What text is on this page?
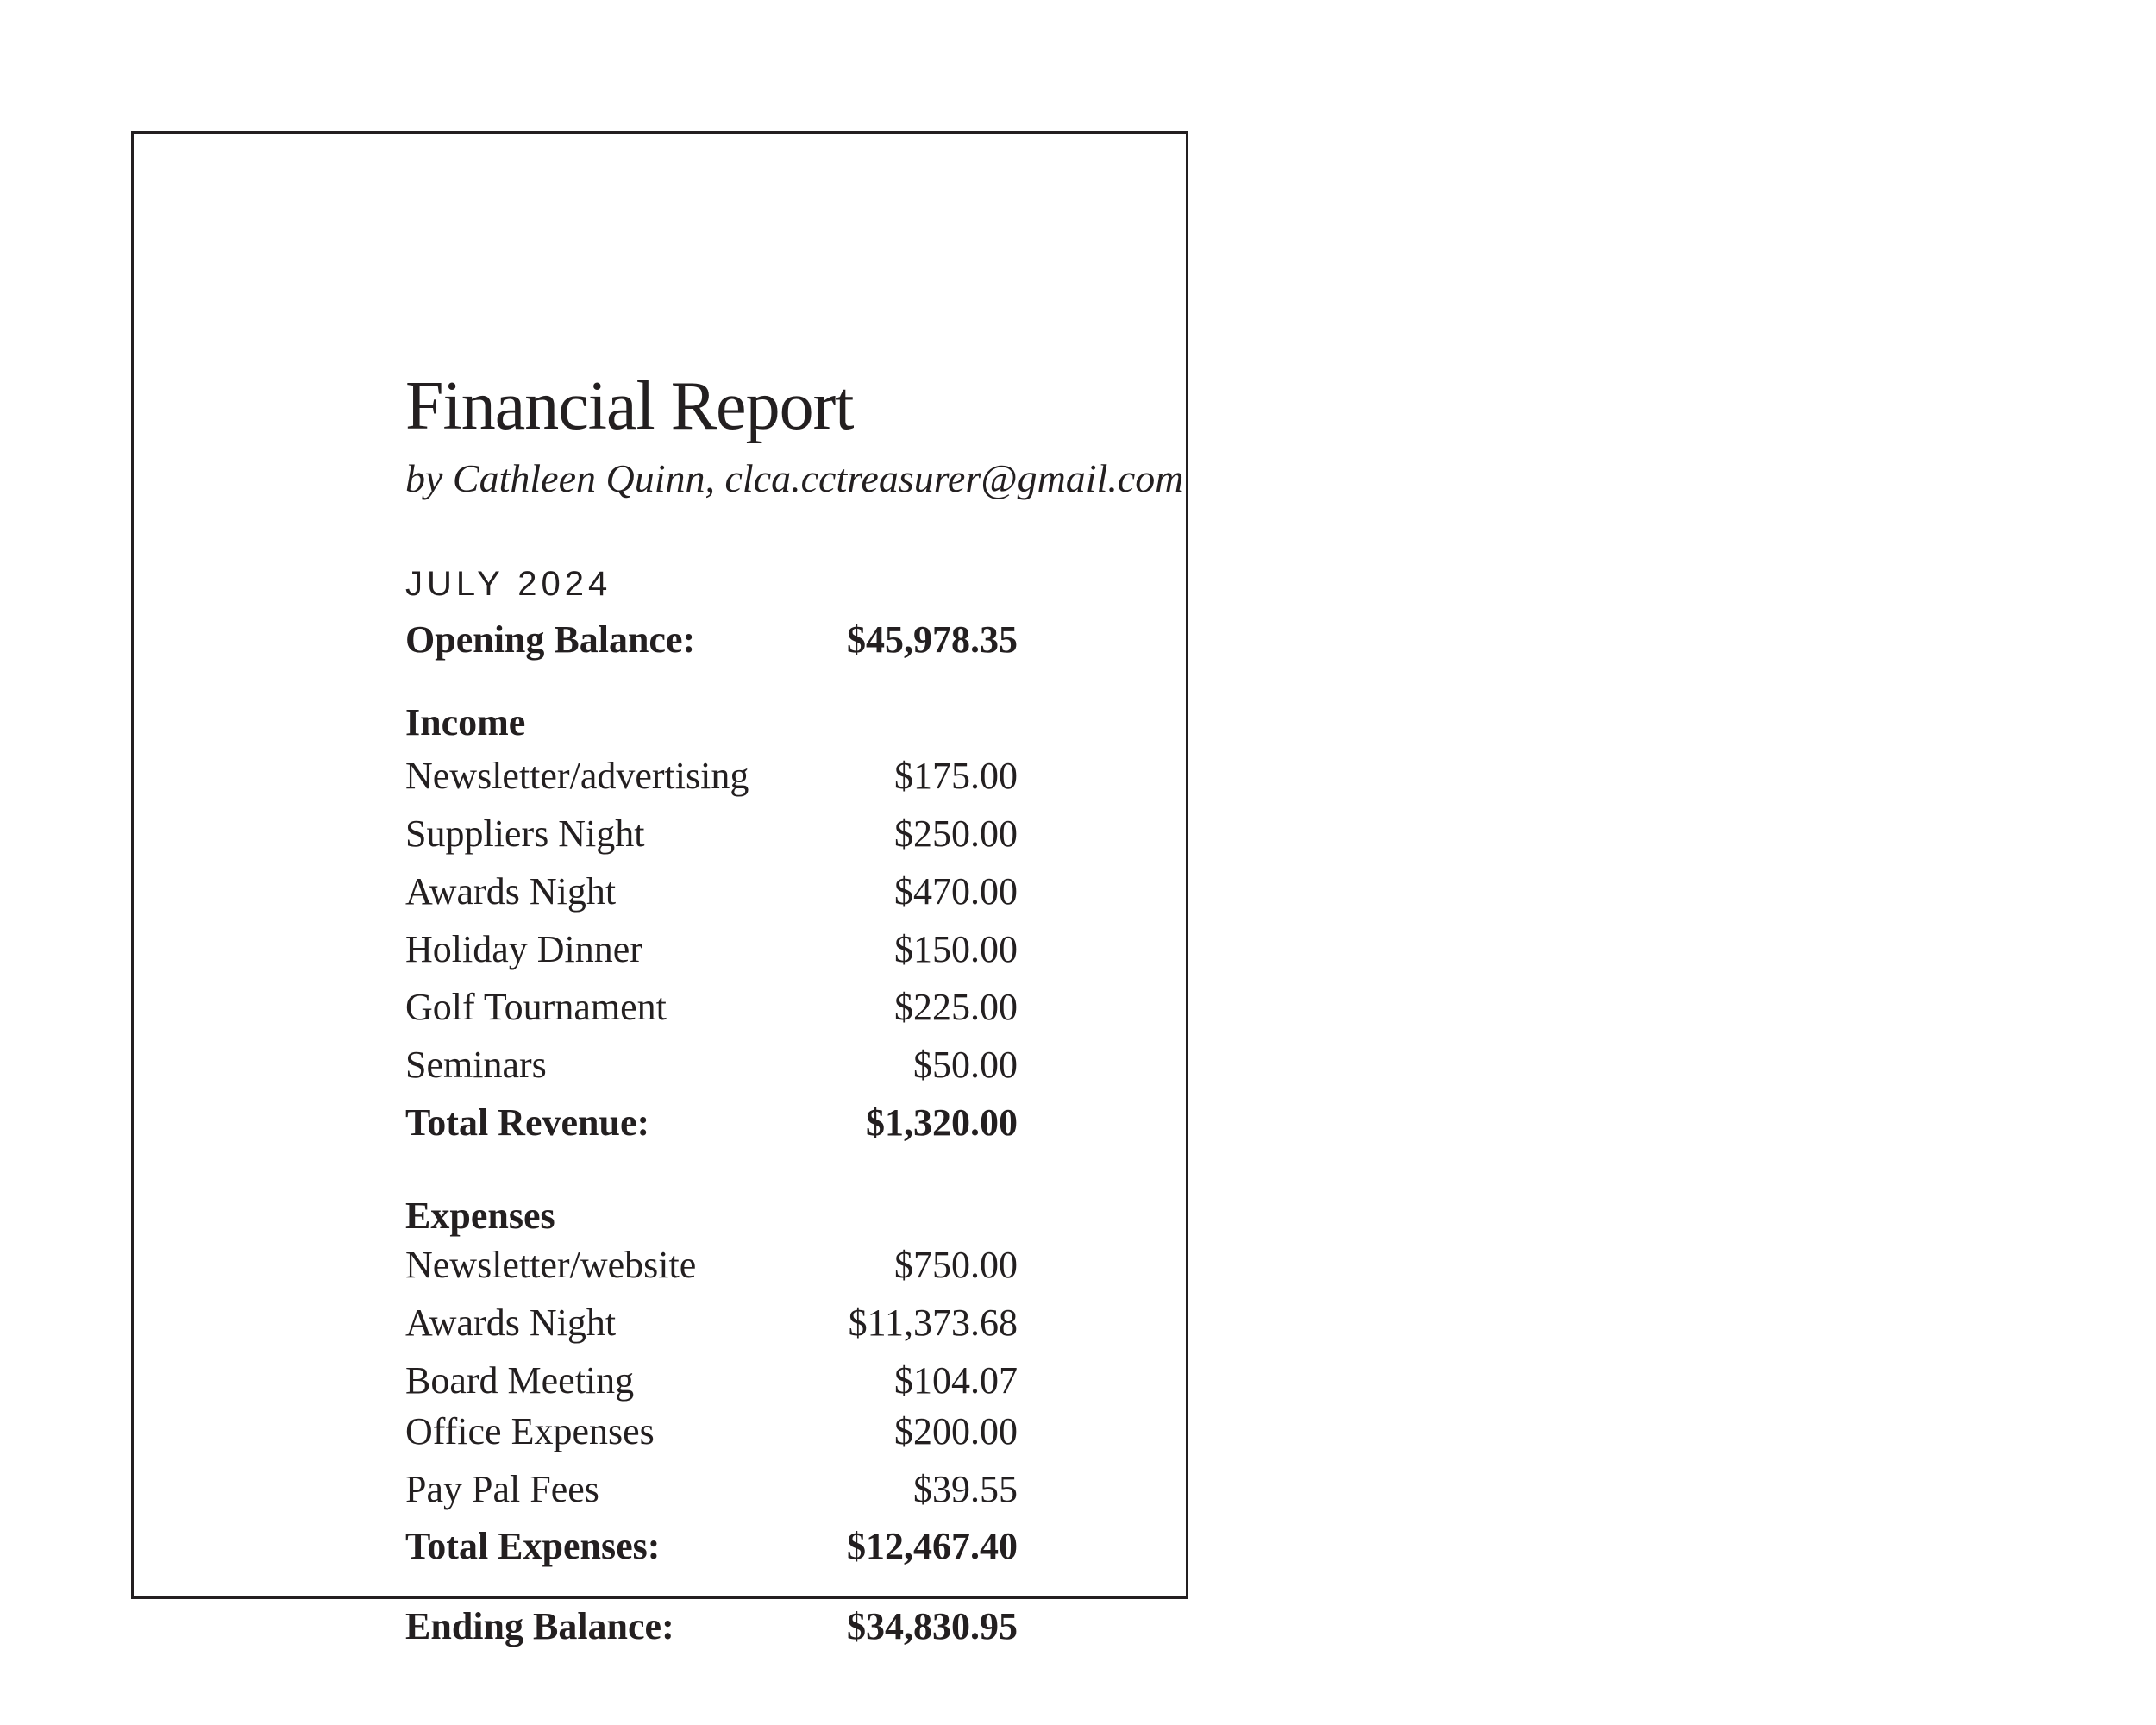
Financial Report
by Cathleen Quinn, clca.cctreasurer@gmail.com
JULY 2024
Opening Balance:	$45,978.35
Income
Newsletter/advertising	$175.00
Suppliers Night	$250.00
Awards Night	$470.00
Holiday Dinner	$150.00
Golf Tournament	$225.00
Seminars	$50.00
Total Revenue:	$1,320.00
Expenses
Newsletter/website	$750.00
Awards Night	$11,373.68
Board Meeting	$104.07
Office Expenses	$200.00
Pay Pal Fees	$39.55
Total Expenses:	$12,467.40
Ending Balance:	$34,830.95
